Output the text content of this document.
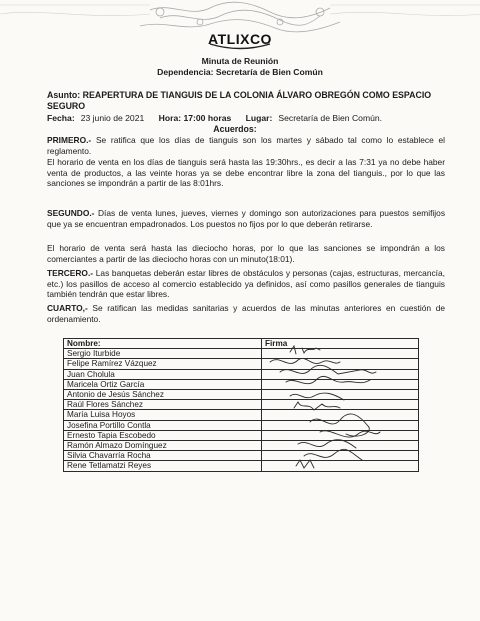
ATLIXCO
Minuta de Reunión
Dependencia: Secretaría de Bien Común
Asunto: REAPERTURA DE TIANGUIS DE LA COLONIA ÁLVARO OBREGÓN COMO ESPACIO SEGURO
Fecha: 23 junio de 2021 Hora: 17:00 horas Lugar: Secretaría de Bien Común.
Acuerdos:
PRIMERO.- Se ratifica que los días de tianguis son los martes y sábado tal como lo establece el reglamento.
El horario de venta en los días de tianguis será hasta las 19:30hrs., es decir a las 7:31 ya no debe haber venta de productos, a las veinte horas ya se debe encontrar libre la zona del tianguis., por lo que las sanciones se impondrán a partir de las 8:01hrs.
SEGUNDO.- Días de venta lunes, jueves, viernes y domingo son autorizaciones para puestos semifijos que ya se encuentran empadronados. Los puestos no fijos por lo que deberán retirarse.
El horario de venta será hasta las dieciocho horas, por lo que las sanciones se impondrán a los comerciantes a partir de las dieciocho horas con un minuto(18:01).
TERCERO.- Las banquetas deberán estar libres de obstáculos y personas (cajas, estructuras, mercancía, etc.) los pasillos de acceso al comercio establecido ya definidos, así como pasillos generales de tianguis también tendrán que estar libres.
CUARTO,- Se ratifican las medidas sanitarias y acuerdos de las minutas anteriores en cuestión de ordenamiento.
Nombre:	Firma
Sergio Iturbide	
Felipe Ramírez Vázquez	
Juan Cholula	
Maricela Ortiz García	
Antonio de Jesús Sánchez	
Raúl Flores Sánchez	
María Luisa Hoyos	
Josefina Portillo Contla	
Ernesto Tapia Escobedo	
Ramón Almazo Domínguez	
Silvia Chavarría Rocha	
Rene Tetlamatzi Reyes	
